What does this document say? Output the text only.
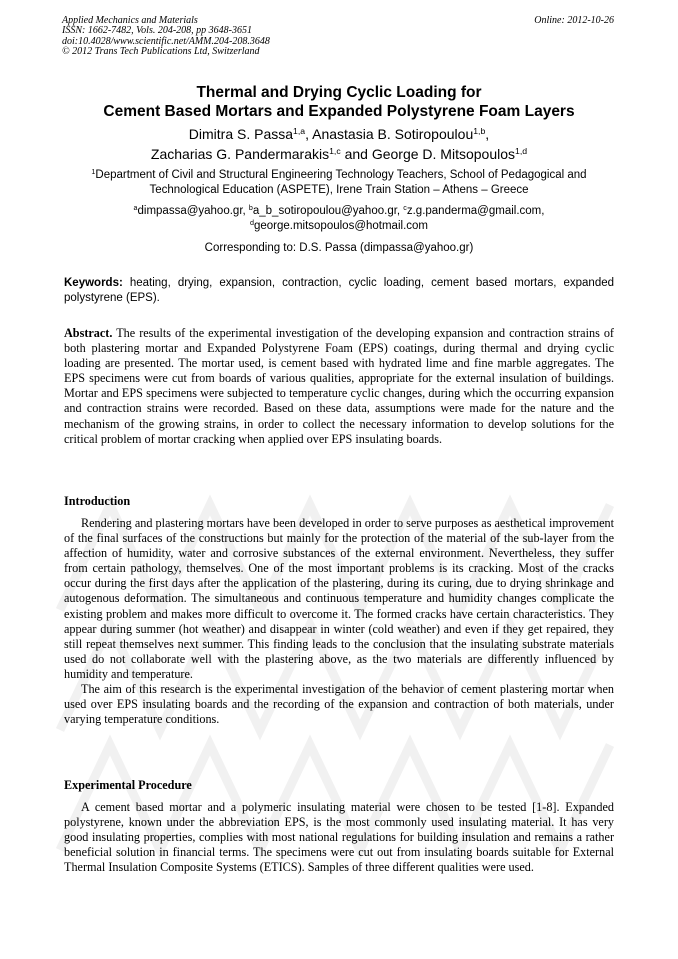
Applied Mechanics and Materials
ISSN: 1662-7482, Vols. 204-208, pp 3648-3651
doi:10.4028/www.scientific.net/AMM.204-208.3648
© 2012 Trans Tech Publications Ltd, Switzerland
Online: 2012-10-26
Thermal and Drying Cyclic Loading for
Cement Based Mortars and Expanded Polystyrene Foam Layers
Dimitra S. Passa$^{1,a}$, Anastasia B. Sotiropoulou$^{1,b}$,
Zacharias G. Pandermarakis$^{1,c}$ and George D. Mitsopoulos$^{1,d}$
$^1$Department of Civil and Structural Engineering Technology Teachers, School of Pedagogical and Technological Education (ASPETE), Irene Train Station – Athens – Greece
$^a$dimpassa@yahoo.gr, $^b$a_b_sotiropoulou@yahoo.gr, $^c$z.g.panderma@gmail.com,
$^d$george.mitsopoulos@hotmail.com
Corresponding to: D.S. Passa (dimpassa@yahoo.gr)
Keywords: heating, drying, expansion, contraction, cyclic loading, cement based mortars, expanded polystyrene (EPS).

Abstract. The results of the experimental investigation of the developing expansion and contraction strains of both plastering mortar and Expanded Polystyrene Foam (EPS) coatings, during thermal and drying cyclic loading are presented. The mortar used, is cement based with hydrated lime and fine marble aggregates. The EPS specimens were cut from boards of various qualities, appropriate for the external insulation of buildings. Mortar and EPS specimens were subjected to temperature cyclic changes, during which the occurring expansion and contraction strains were recorded. Based on these data, assumptions were made for the nature and the mechanism of the growing strains, in order to collect the necessary information to develop solutions for the critical problem of mortar cracking when applied over EPS insulating boards.

Introduction

Rendering and plastering mortars have been developed in order to serve purposes as aesthetical improvement of the final surfaces of the constructions but mainly for the protection of the material of the sub-layer from the affection of humidity, water and corrosive substances of the external environment. Nevertheless, they suffer from certain pathology, themselves. One of the most important problems is its cracking. Most of the cracks occur during the first days after the application of the plastering, during its curing, due to drying shrinkage and autogenous deformation. The simultaneous and continuous temperature and humidity changes complicate the existing problem and makes more difficult to overcome it. The formed cracks have certain characteristics. They appear during summer (hot weather) and disappear in winter (cold weather) and even if they get repaired, they still repeat themselves next summer. This finding leads to the conclusion that the insulating substrate materials used do not collaborate well with the plastering above, as the two materials are differently influenced by humidity and temperature.

The aim of this research is the experimental investigation of the behavior of cement plastering mortar when used over EPS insulating boards and the recording of the expansion and contraction of both materials, under varying temperature conditions.

Experimental Procedure

A cement based mortar and a polymeric insulating material were chosen to be tested [1-8]. Expanded polystyrene, known under the abbreviation EPS, is the most commonly used insulating material. It has very good insulating properties, complies with most national regulations for building insulation and remains a rather beneficial solution in financial terms. The specimens were cut out from insulating boards suitable for External Thermal Insulation Composite Systems (ETICS). Samples of three different qualities were used.
